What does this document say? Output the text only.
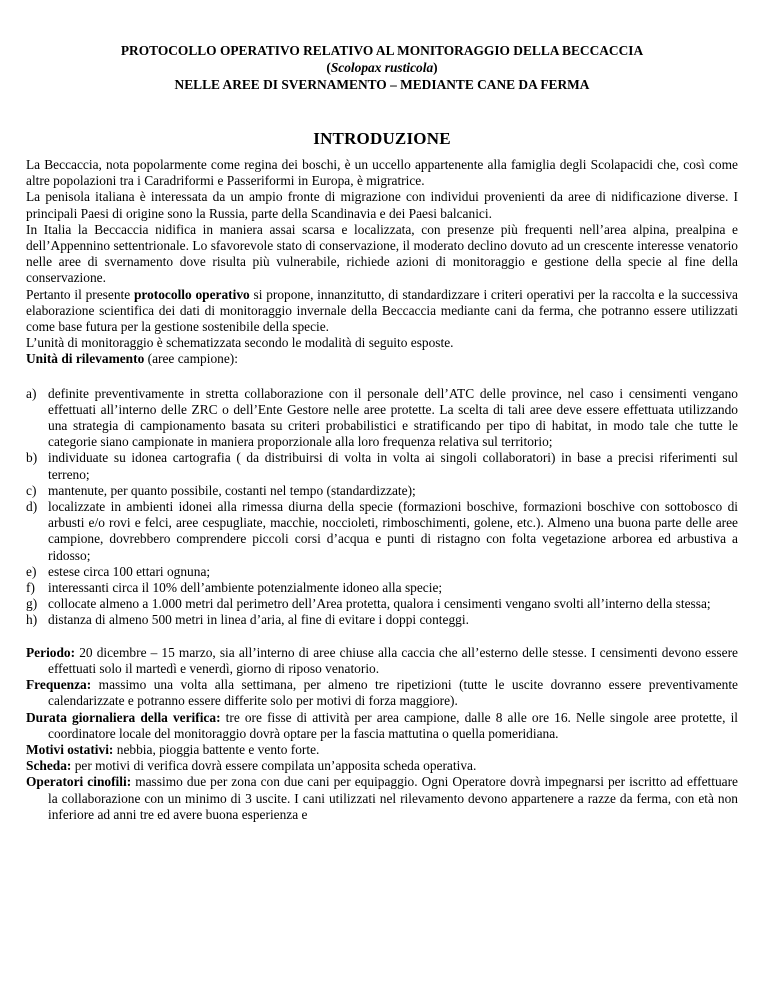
PROTOCOLLO OPERATIVO RELATIVO AL MONITORAGGIO DELLA BECCACCIA
(Scolopax rusticola)
NELLE AREE DI SVERNAMENTO – MEDIANTE CANE DA FERMA
INTRODUZIONE

La Beccaccia, nota popolarmente come regina dei boschi, è un uccello appartenente alla famiglia degli Scolapacidi che, così come altre popolazioni tra i Caradriformi e Passeriformi in Europa, è migratrice.

La penisola italiana è interessata da un ampio fronte di migrazione con individui provenienti da aree di nidificazione diverse. I principali Paesi di origine sono la Russia, parte della Scandinavia e dei Paesi balcanici.

In Italia la Beccaccia nidifica in maniera assai scarsa e localizzata, con presenze più frequenti nell’area alpina, prealpina e dell’Appennino settentrionale. Lo sfavorevole stato di conservazione, il moderato declino dovuto ad un crescente interesse venatorio nelle aree di svernamento dove risulta più vulnerabile, richiede azioni di monitoraggio e gestione della specie al fine della conservazione.

Pertanto il presente protocollo operativo si propone, innanzitutto, di standardizzare i criteri operativi per la raccolta e la successiva elaborazione scientifica dei dati di monitoraggio invernale della Beccaccia mediante cani da ferma, che potranno essere utilizzati come base futura per la gestione sostenibile della specie.

L’unità di monitoraggio è schematizzata secondo le modalità di seguito esposte.

Unità di rilevamento (aree campione):

a) definite preventivamente in stretta collaborazione con il personale dell’ATC delle province, nel caso i censimenti vengano effettuati all’interno delle ZRC o dell’Ente Gestore nelle aree protette. La scelta di tali aree deve essere effettuata utilizzando una strategia di campionamento basata su criteri probabilistici e stratificando per tipo di habitat, in modo tale che tutte le categorie siano campionate in maniera proporzionale alla loro frequenza relativa sul territorio;
b) individuate su idonea cartografia ( da distribuirsi di volta in volta ai singoli collaboratori) in base a precisi riferimenti sul terreno;
c) mantenute, per quanto possibile, costanti nel tempo (standardizzate);
d) localizzate in ambienti idonei alla rimessa diurna della specie (formazioni boschive, formazioni boschive con sottobosco di arbusti e/o rovi e felci, aree cespugliate, macchie, noccioleti, rimboschimenti, golene, etc.). Almeno una buona parte delle aree campione, dovrebbero comprendere piccoli corsi d’acqua e punti di ristagno con folta vegetazione arborea ed arbustiva a ridosso;
e) estese circa 100 ettari ognuna;
f) interessanti circa il 10% dell’ambiente potenzialmente idoneo alla specie;
g) collocate almeno a 1.000 metri dal perimetro dell’Area protetta, qualora i censimenti vengano svolti all’interno della stessa;
h) distanza di almeno 500 metri in linea d’aria, al fine di evitare i doppi conteggi.

Periodo: 20 dicembre – 15 marzo, sia all’interno di aree chiuse alla caccia che all’esterno delle stesse. I censimenti devono essere effettuati solo il martedì e venerdì, giorno di riposo venatorio.

Frequenza: massimo una volta alla settimana, per almeno tre ripetizioni (tutte le uscite dovranno essere preventivamente calendarizzate e potranno essere differite solo per motivi di forza maggiore).

Durata giornaliera della verifica: tre ore fisse di attività per area campione, dalle 8 alle ore 16. Nelle singole aree protette, il coordinatore locale del monitoraggio dovrà optare per la fascia mattutina o quella pomeridiana.

Motivi ostativi: nebbia, pioggia battente e vento forte.

Scheda: per motivi di verifica dovrà essere compilata un’apposita scheda operativa.

Operatori cinofili: massimo due per zona con due cani per equipaggio. Ogni Operatore dovrà impegnarsi per iscritto ad effettuare la collaborazione con un minimo di 3 uscite. I cani utilizzati nel rilevamento devono appartenere a razze da ferma, con età non inferiore ad anni tre ed avere buona esperienza e
